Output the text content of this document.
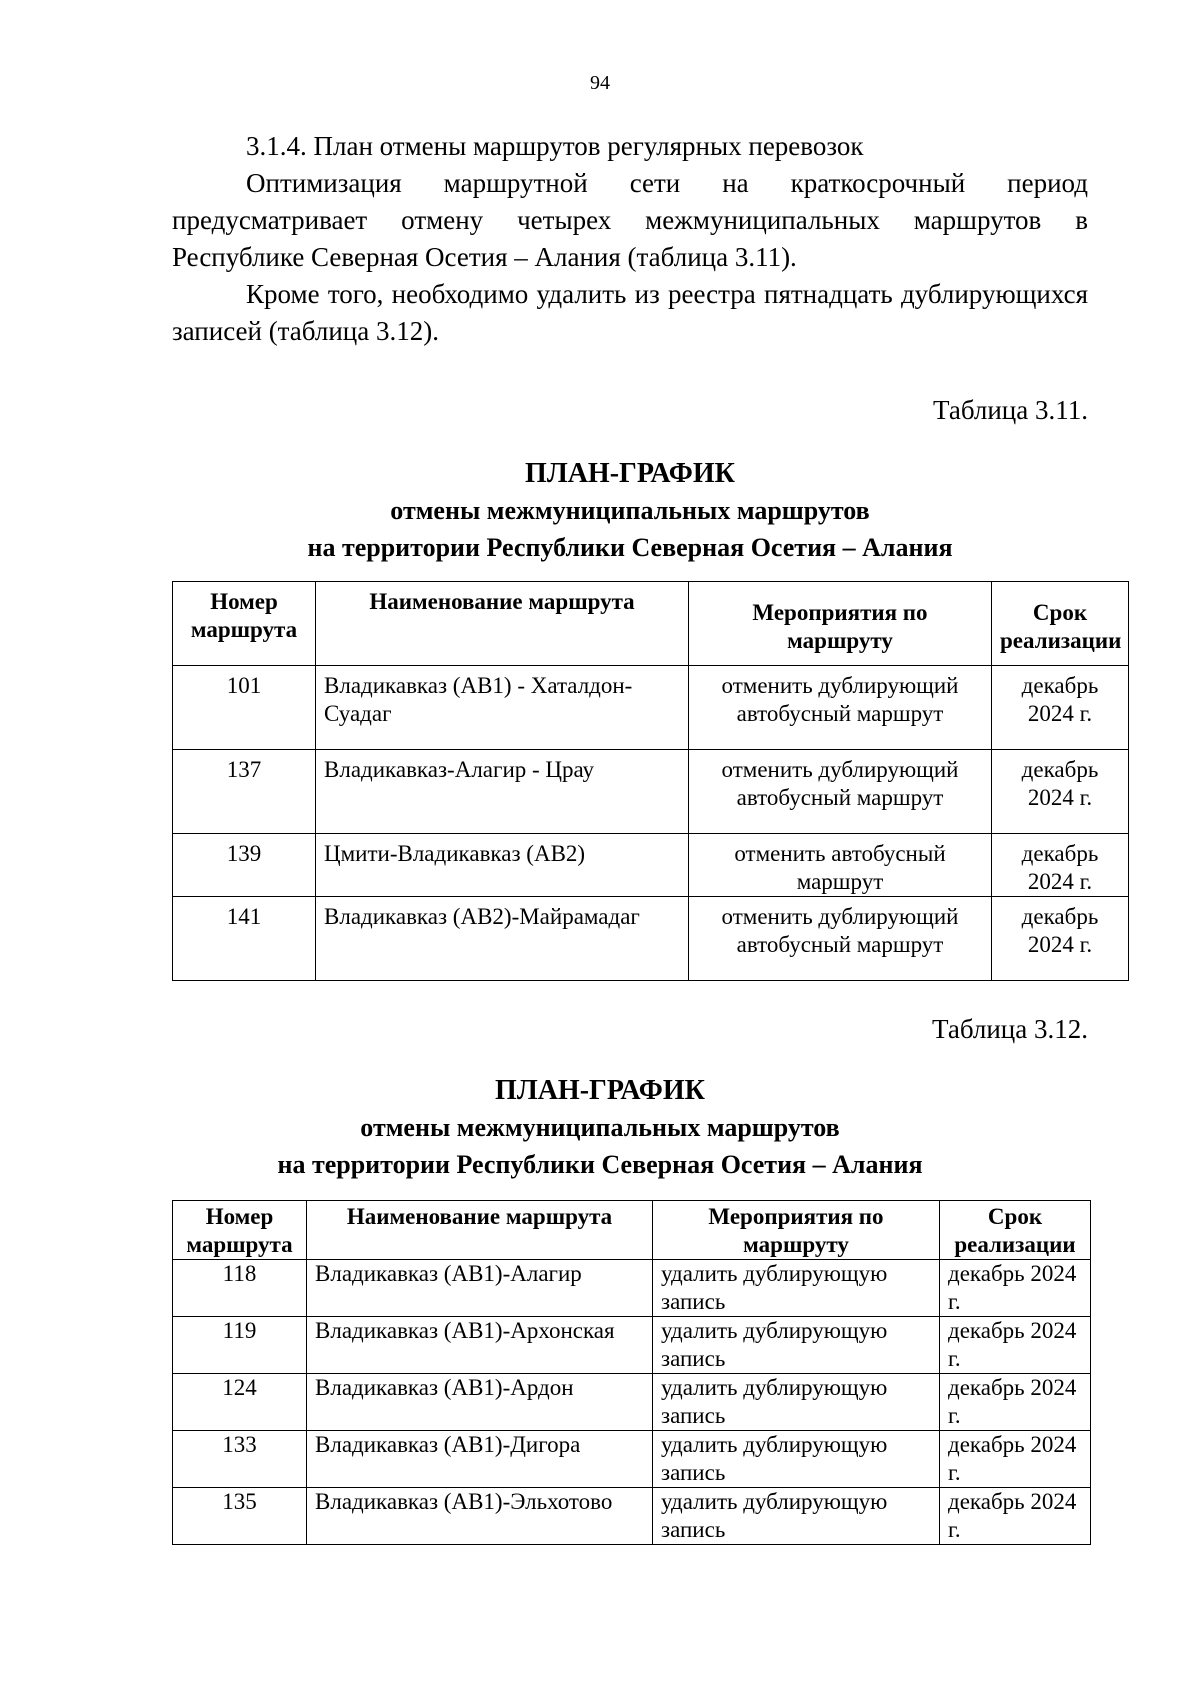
94

3.1.4. План отмены маршрутов регулярных перевозок

Оптимизация маршрутной сети на краткосрочный период предусматривает отмену четырех межмуниципальных маршрутов в Республике Северная Осетия – Алания (таблица 3.11).

Кроме того, необходимо удалить из реестра пятнадцать дублирующихся записей (таблица 3.12).

Таблица 3.11.
ПЛАН-ГРАФИК
отмены межмуниципальных маршрутов
на территории Республики Северная Осетия – Алания
Номер маршрута	Наименование маршрута	Мероприятия по маршруту	Срок реализации
101	Владикавказ (АВ1) - Хаталдон-Суадаг	отменить дублирующий автобусный маршрут	декабрь 2024 г.
137	Владикавказ-Алагир - Црау	отменить дублирующий автобусный маршрут	декабрь 2024 г.
139	Цмити-Владикавказ (АВ2)	отменить автобусный маршрут	декабрь 2024 г.
141	Владикавказ (АВ2)-Майрамадаг	отменить дублирующий автобусный маршрут	декабрь 2024 г.
Таблица 3.12.
ПЛАН-ГРАФИК
отмены межмуниципальных маршрутов
на территории Республики Северная Осетия – Алания
Номер маршрута	Наименование маршрута	Мероприятия по маршруту	Срок реализации
118	Владикавказ (АВ1)-Алагир	удалить дублирующую запись	декабрь 2024 г.
119	Владикавказ (АВ1)-Архонская	удалить дублирующую запись	декабрь 2024 г.
124	Владикавказ (АВ1)-Ардон	удалить дублирующую запись	декабрь 2024 г.
133	Владикавказ (АВ1)-Дигора	удалить дублирующую запись	декабрь 2024 г.
135	Владикавказ (АВ1)-Эльхотово	удалить дублирующую запись	декабрь 2024 г.
